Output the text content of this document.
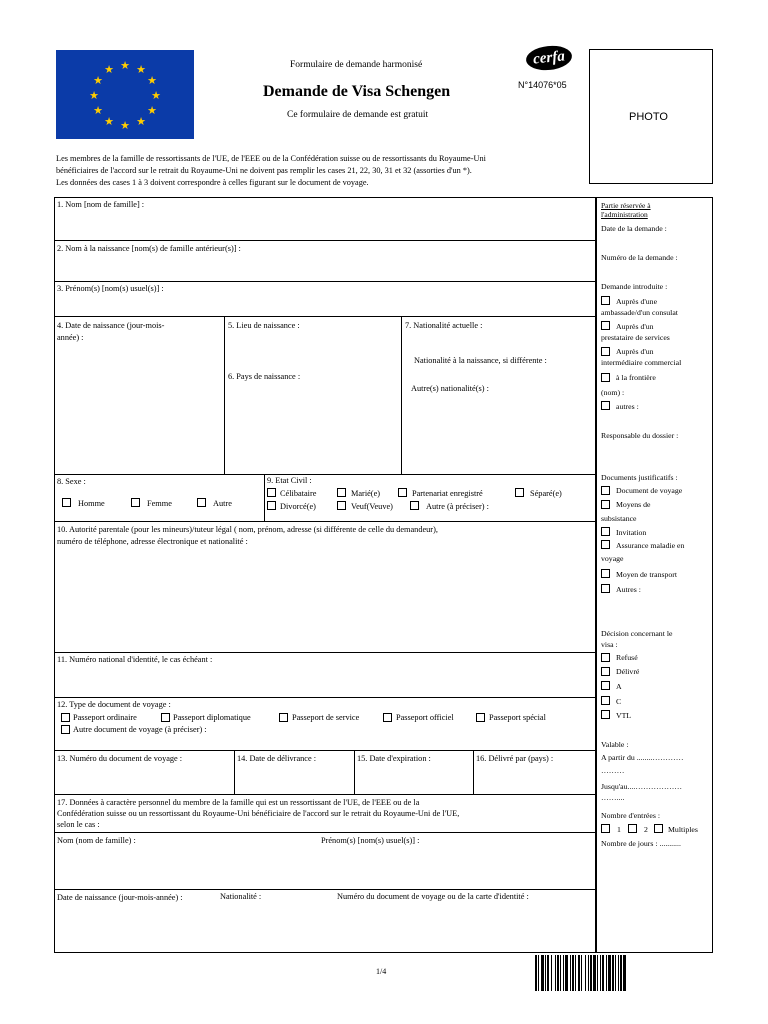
★ ★
★
★
★
★
★
★
★
★
★
★	Formulaire de demande harmonisé
Demande de Visa Schengen
Ce formulaire de demande est gratuit
cerfa
N°14076*05
PHOTO
Les membres de la famille de ressortissants de l'UE, de l'EEE ou de la Confédération suisse ou de ressortissants du Royaume-Uni
bénéficiaires de l'accord sur le retrait du Royaume-Uni ne doivent pas remplir les cases 21, 22, 30, 31 et 32 (assorties d'un *).
Les données des cases 1 à 3 doivent correspondre à celles figurant sur le document de voyage.
1. Nom [nom de famille] :
2. Nom à la naissance [nom(s) de famille antérieur(s)] :
3. Prénom(s) [nom(s) usuel(s)] :
4. Date de naissance (jour-mois-
année) :
5. Lieu de naissance :
6. Pays de naissance :
7. Nationalité actuelle :
Nationalité à la naissance, si différente :
Autre(s) nationalité(s) :
8. Sexe :
Homme	Femme	Autre
9. Etat Civil :
Célibataire	Marié(e)	Partenariat enregistré	Séparé(e)
Divorcé(e)	Veuf(Veuve)	Autre (à préciser) :
10. Autorité parentale (pour les mineurs)/tuteur légal ( nom, prénom, adresse (si différente de celle du demandeur),
numéro de téléphone, adresse électronique et nationalité :
11. Numéro national d'identité, le cas échéant :
12. Type de document de voyage :
Passeport ordinaire	Passeport diplomatique	Passeport de service	Passeport officiel	Passeport spécial
Autre document de voyage (à préciser) :
13. Numéro du document de voyage :	14. Date de délivrance :	15. Date d'expiration :	16. Délivré par (pays) :
17. Données à caractère personnel du membre de la famille qui est un ressortissant de l'UE, de l'EEE ou de la
Confédération suisse ou un ressortissant du Royaume-Uni bénéficiaire de l'accord sur le retrait du Royaume-Uni de l'UE,
selon le cas :
Nom (nom de famille) :	Prénom(s) [nom(s) usuel(s)] :
Date de naissance (jour-mois-année) :	Nationalité :	Numéro du document de voyage ou de la carte d'identité :
Partie réservée à
l'administration
Date de la demande :
Numéro de la demande :
Demande introduite :
Auprès d'une
ambassade/d'un consulat
Auprès d'un
prestataire de services
Auprès d'un
intermédiaire commercial
à la frontière
(nom) :
autres :
Responsable du dossier :
Documents justificatifs :
Document de voyage
Moyens de
subsistance
Invitation
Assurance maladie en
voyage
Moyen de transport
Autres :
Décision concernant le
visa :
Refusé
Délivré
A
C
VTL
Valable :
A partir du ........…………
………
Jusqu'au....………………
……....
Nombre d'entrées :
1	2	Multiples
Nombre de jours : ...........
1/4
